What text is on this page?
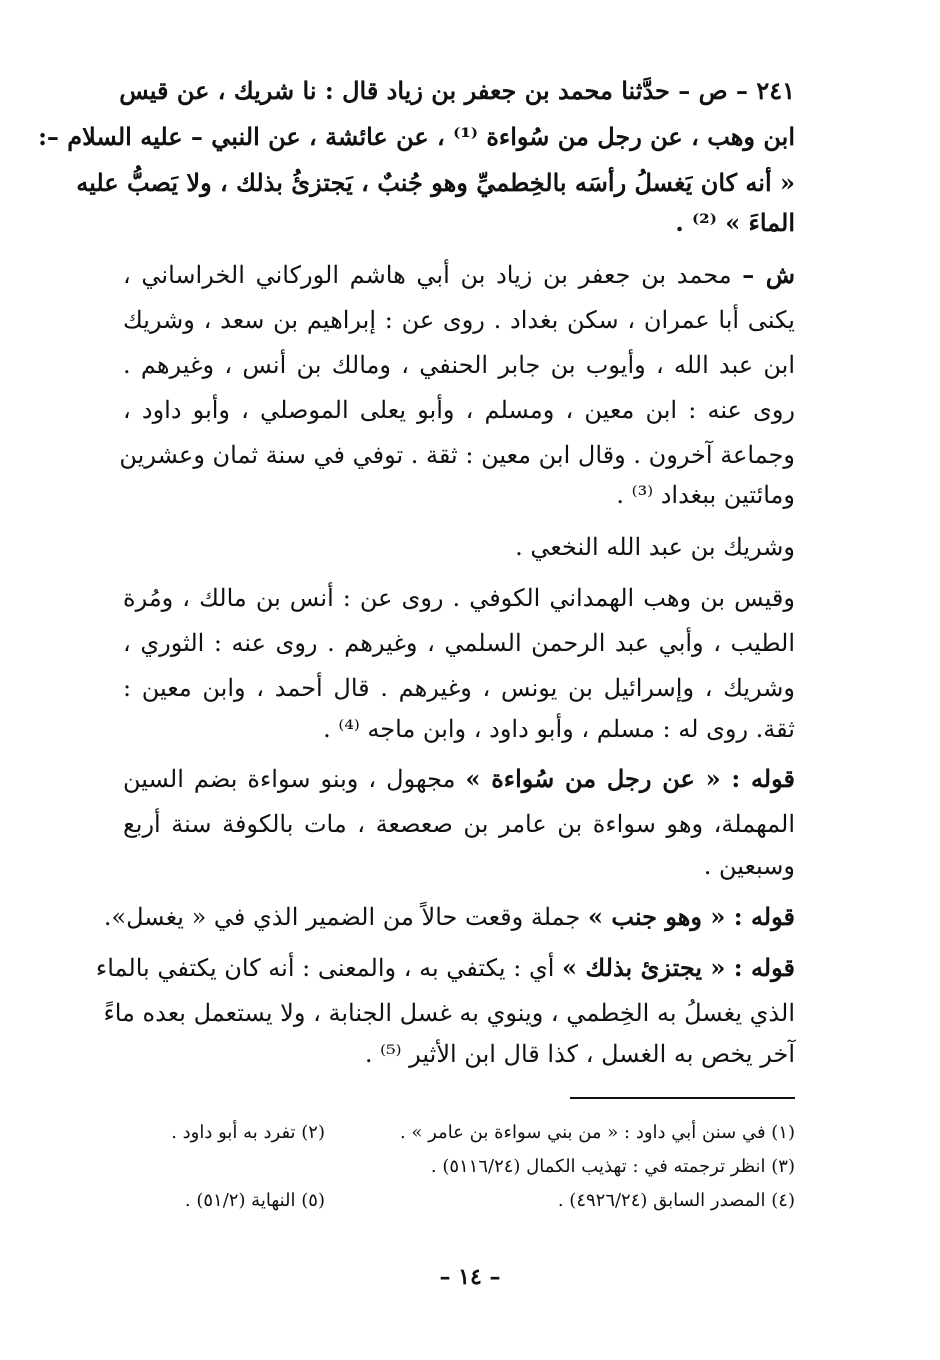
٢٤١ – ص – حدَّثنا محمد بن جعفر بن زياد قال : نا شريك ، عن قيس
ابن وهب ، عن رجل من سُواءة ⁽¹⁾ ، عن عائشة ، عن النبي – عليه السلام –:
« أنه كان يَغسلُ رأسَه بالخِطميِّ وهو جُنبٌ ، يَجتزئُ بذلك ، ولا يَصبُّ عليه
الماءَ » ⁽²⁾ .
ش – محمد بن جعفر بن زياد بن أبي هاشم الوركاني الخراساني ،
يكنى أبا عمران ، سكن بغداد . روى عن : إبراهيم بن سعد ، وشريك
ابن عبد الله ، وأيوب بن جابر الحنفي ، ومالك بن أنس ، وغيرهم .
روى عنه : ابن معين ، ومسلم ، وأبو يعلى الموصلي ، وأبو داود ،
وجماعة آخرون . وقال ابن معين : ثقة . توفي في سنة ثمان وعشرين
ومائتين ببغداد ⁽³⁾ .
وشريك بن عبد الله النخعي .
وقيس بن وهب الهمداني الكوفي . روى عن : أنس بن مالك ، ومُرة
الطيب ، وأبي عبد الرحمن السلمي ، وغيرهم . روى عنه : الثوري ،
وشريك ، وإسرائيل بن يونس ، وغيرهم . قال أحمد ، وابن معين :
ثقة. روى له : مسلم ، وأبو داود ، وابن ماجه ⁽⁴⁾ .
قوله : « عن رجل من سُواءة » مجهول ، وبنو سواءة بضم السين
المهملة، وهو سواءة بن عامر بن صعصعة ، مات بالكوفة سنة أربع
وسبعين .
قوله : « وهو جنب » جملة وقعت حالاً من الضمير الذي في « يغسل».
قوله : « يجتزئ بذلك » أي : يكتفي به ، والمعنى : أنه كان يكتفي بالماء
الذي يغسلُ به الخِطمي ، وينوي به غسل الجنابة ، ولا يستعمل بعده ماءً
آخر يخص به الغسل ، كذا قال ابن الأثير ⁽⁵⁾ .
(١) في سنن أبي داود : « من بني سواءة بن عامر » .
(٢) تفرد به أبو داود .
(٣) انظر ترجمته في : تهذيب الكمال (٥١١٦/٢٤) .
(٤) المصدر السابق (٤٩٢٦/٢٤) .
(٥) النهاية (٥١/٢) .
– ١٤ –
